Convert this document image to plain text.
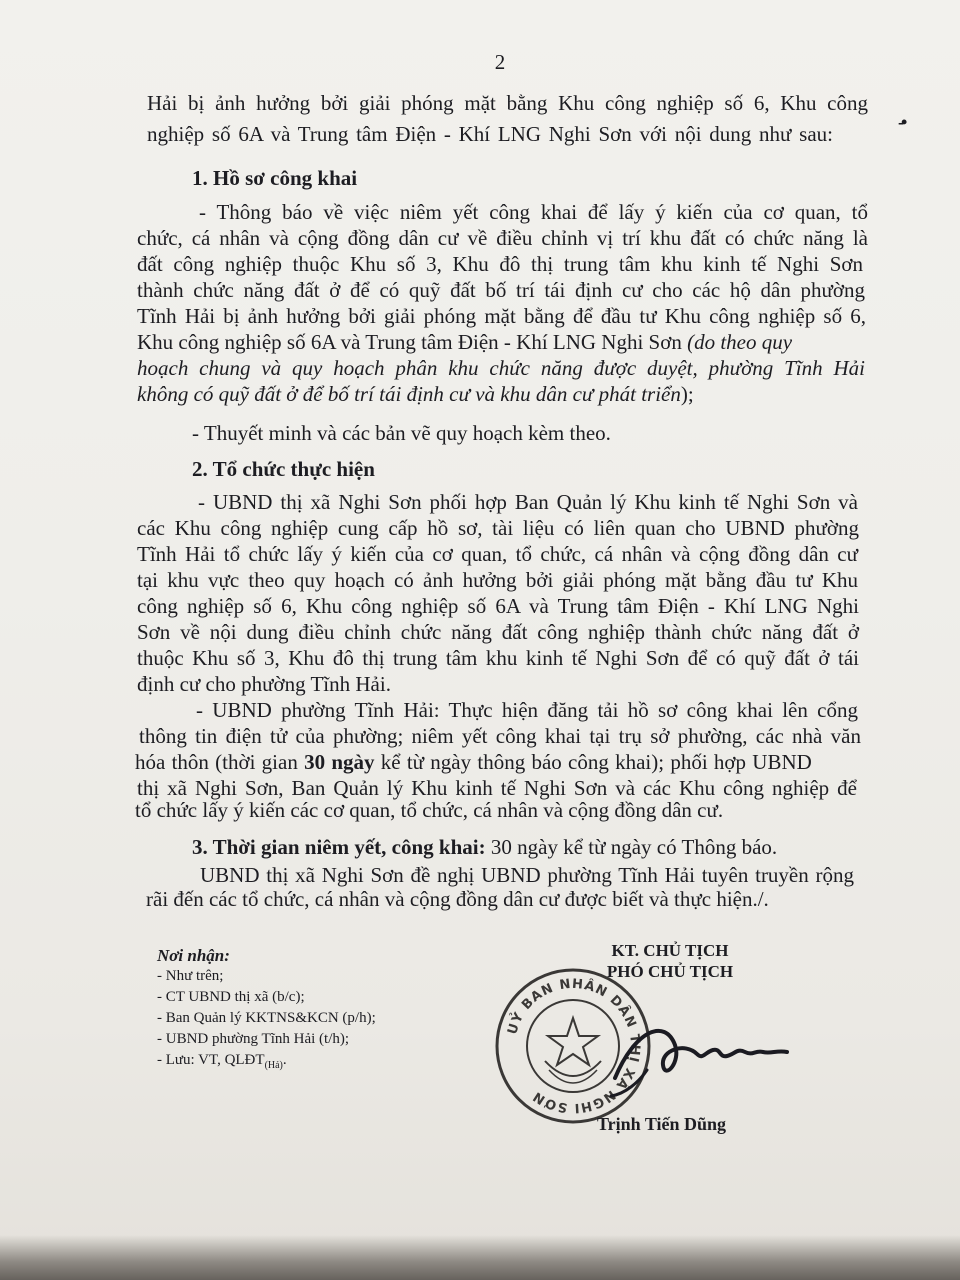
2
-•
Hải bị ảnh hưởng bởi giải phóng mặt bằng Khu công nghiệp số 6, Khu công
nghiệp số 6A và Trung tâm Điện - Khí LNG Nghi Sơn với nội dung như sau:
1. Hồ sơ công khai
- Thông báo về việc niêm yết công khai để lấy ý kiến của cơ quan, tổ
chức, cá nhân và cộng đồng dân cư về điều chỉnh vị trí khu đất có chức năng là
đất công nghiệp thuộc Khu số 3, Khu đô thị trung tâm khu kinh tế Nghi Sơn
thành chức năng đất ở để có quỹ đất bố trí tái định cư cho các hộ dân phường
Tĩnh Hải bị ảnh hưởng bởi giải phóng mặt bằng để đầu tư Khu công nghiệp số 6,
Khu công nghiệp số 6A và Trung tâm Điện - Khí LNG Nghi Sơn (do theo quy
hoạch chung và quy hoạch phân khu chức năng được duyệt, phường Tĩnh Hải
không có quỹ đất ở để bố trí tái định cư và khu dân cư phát triển);
- Thuyết minh và các bản vẽ quy hoạch kèm theo.
2. Tổ chức thực hiện
- UBND thị xã Nghi Sơn phối hợp Ban Quản lý Khu kinh tế Nghi Sơn và
các Khu công nghiệp cung cấp hồ sơ, tài liệu có liên quan cho UBND phường
Tĩnh Hải tổ chức lấy ý kiến của cơ quan, tổ chức, cá nhân và cộng đồng dân cư
tại khu vực theo quy hoạch có ảnh hưởng bởi giải phóng mặt bằng đầu tư Khu
công nghiệp số 6, Khu công nghiệp số 6A và Trung tâm Điện - Khí LNG Nghi
Sơn về nội dung điều chỉnh chức năng đất công nghiệp thành chức năng đất ở
thuộc Khu số 3, Khu đô thị trung tâm khu kinh tế Nghi Sơn để có quỹ đất ở tái
định cư cho phường Tĩnh Hải.
- UBND phường Tĩnh Hải: Thực hiện đăng tải hồ sơ công khai lên cổng
thông tin điện tử của phường; niêm yết công khai tại trụ sở phường, các nhà văn
hóa thôn (thời gian 30 ngày kể từ ngày thông báo công khai); phối hợp UBND
thị xã Nghi Sơn, Ban Quản lý Khu kinh tế Nghi Sơn và các Khu công nghiệp để
tổ chức lấy ý kiến các cơ quan, tổ chức, cá nhân và cộng đồng dân cư.
3. Thời gian niêm yết, công khai: 30 ngày kể từ ngày có Thông báo.
UBND thị xã Nghi Sơn đề nghị UBND phường Tĩnh Hải tuyên truyền rộng
rãi đến các tổ chức, cá nhân và cộng đồng dân cư được biết và thực hiện./.
Nơi nhận:
- Như trên;
- CT UBND thị xã (b/c);
- Ban Quản lý KKTNS&KCN (p/h);
- UBND phường Tĩnh Hải (t/h);
- Lưu: VT, $QLĐT_{(Hả)}$.
KT. CHỦ TỊCH
PHÓ CHỦ TỊCH
UỶ BAN NHÂN DÂN THỊ XÃ NGHI SƠN
Trịnh Tiến Dũng
